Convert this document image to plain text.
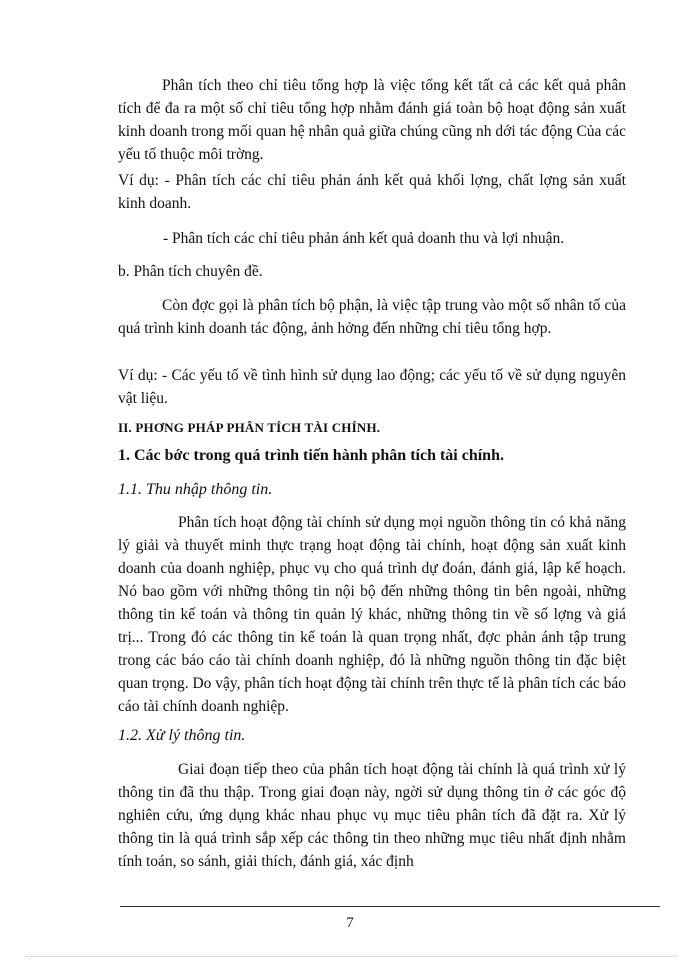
Phân tích theo chỉ tiêu tổng hợp là việc tổng kết tất cả các kết quả phân tích để đa ra một số chỉ tiêu tổng hợp nhằm đánh giá toàn bộ hoạt động sản xuất kinh doanh trong mối quan hệ nhân quả giữa chúng cũng nh dới tác động Của các yếu tố thuộc môi trờng.

Ví dụ: - Phân tích các chỉ tiêu phản ánh kết quả khối lợng, chất lợng sản xuất kinh doanh.

- Phân tích các chỉ tiêu phản ánh kết quả doanh thu và lợi nhuận.

b. Phân tích chuyên đề.

Còn đợc gọi là phân tích bộ phận, là việc tập trung vào một số nhân tố của quá trình kinh doanh tác động, ảnh hởng đến những chỉ tiêu tổng hợp.

Ví dụ: - Các yếu tố về tình hình sử dụng lao động; các yếu tố về sử dụng nguyên vật liệu.

II. PHƠNG PHÁP PHÂN TÍCH TÀI CHÍNH.

1. Các bớc trong quá trình tiến hành phân tích tài chính.

1.1. Thu nhập thông tin.

Phân tích hoạt động tài chính sử dụng mọi nguồn thông tin có khả năng lý giải và thuyết minh thực trạng hoạt động tài chính, hoạt động sản xuất kinh doanh của doanh nghiệp, phục vụ cho quá trình dự đoán, đánh giá, lập kế hoạch. Nó bao gồm với những thông tin nội bộ đến những thông tin bên ngoài, những thông tin kế toán và thông tin quản lý khác, những thông tin về số lợng và giá trị... Trong đó các thông tin kế toán là quan trọng nhất, đợc phản ánh tập trung trong các báo cáo tài chính doanh nghiệp, đó là những nguồn thông tin đặc biệt quan trọng. Do vậy, phân tích hoạt động tài chính trên thực tế là phân tích các báo cáo tài chính doanh nghiệp.

1.2. Xử lý thông tin.

Giai đoạn tiếp theo của phân tích hoạt động tài chính là quá trình xử lý thông tin đã thu thập. Trong giai đoạn này, ngời sử dụng thông tin ở các góc độ nghiên cứu, ứng dụng khác nhau phục vụ mục tiêu phân tích đã đặt ra. Xử lý thông tin là quá trình sắp xếp các thông tin theo những mục tiêu nhất định nhằm tính toán, so sánh, giải thích, đánh giá, xác định

7
